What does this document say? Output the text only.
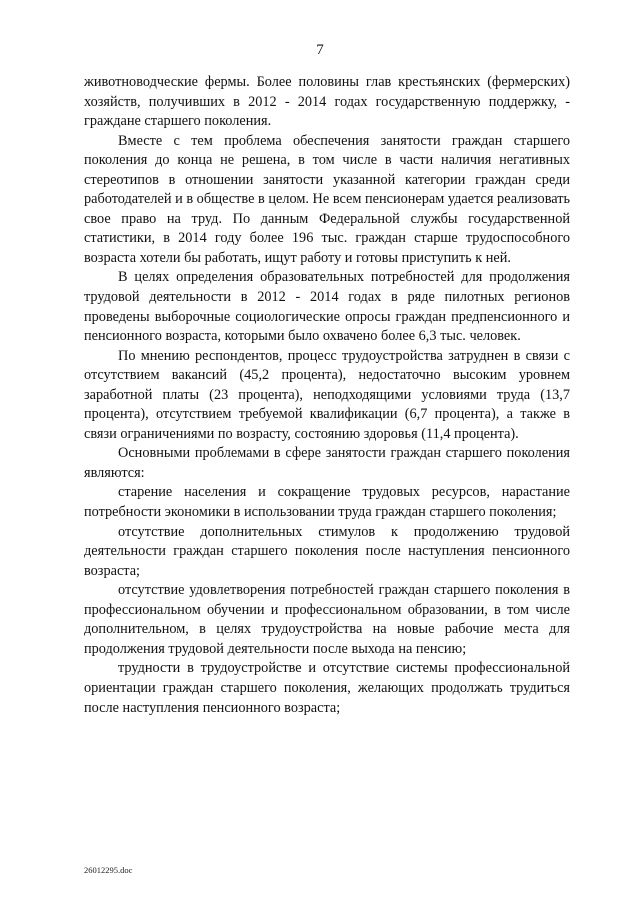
7

животноводческие фермы. Более половины глав крестьянских (фермерских) хозяйств, получивших в 2012 - 2014 годах государственную поддержку, - граждане старшего поколения.

Вместе с тем проблема обеспечения занятости граждан старшего поколения до конца не решена, в том числе в части наличия негативных стереотипов в отношении занятости указанной категории граждан среди работодателей и в обществе в целом. Не всем пенсионерам удается реализовать свое право на труд. По данным Федеральной службы государственной статистики, в 2014 году более 196 тыс. граждан старше трудоспособного возраста хотели бы работать, ищут работу и готовы приступить к ней.

В целях определения образовательных потребностей для продолжения трудовой деятельности в 2012 - 2014 годах в ряде пилотных регионов проведены выборочные социологические опросы граждан предпенсионного и пенсионного возраста, которыми было охвачено более 6,3 тыс. человек.

По мнению респондентов, процесс трудоустройства затруднен в связи с отсутствием вакансий (45,2 процента), недостаточно высоким уровнем заработной платы (23 процента), неподходящими условиями труда (13,7 процента), отсутствием требуемой квалификации (6,7 процента), а также в связи ограничениями по возрасту, состоянию здоровья (11,4 процента).

Основными проблемами в сфере занятости граждан старшего поколения являются:

старение населения и сокращение трудовых ресурсов, нарастание потребности экономики в использовании труда граждан старшего поколения;

отсутствие дополнительных стимулов к продолжению трудовой деятельности граждан старшего поколения после наступления пенсионного возраста;

отсутствие удовлетворения потребностей граждан старшего поколения в профессиональном обучении и профессиональном образовании, в том числе дополнительном, в целях трудоустройства на новые рабочие места для продолжения трудовой деятельности после выхода на пенсию;

трудности в трудоустройстве и отсутствие системы профессиональной ориентации граждан старшего поколения, желающих продолжать трудиться после наступления пенсионного возраста;

26012295.doc
